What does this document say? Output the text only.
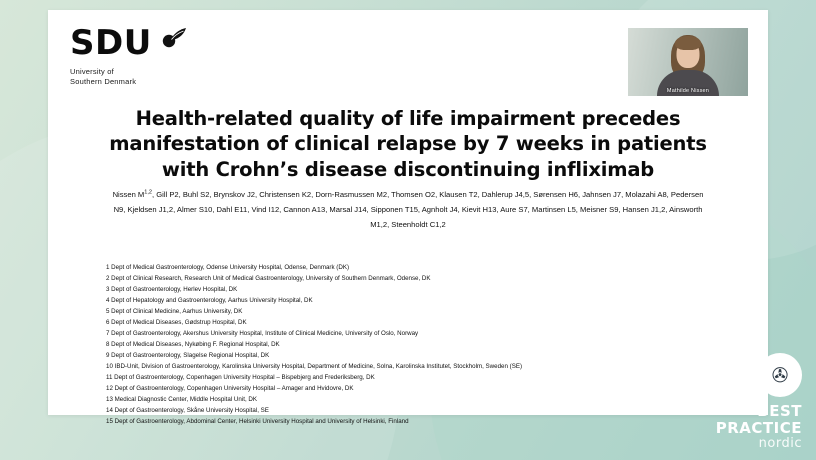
SDU
University of
Southern Denmark
Mathilde Nissen
Health-related quality of life impairment precedes
manifestation of clinical relapse by 7 weeks in patients
with Crohn’s disease discontinuing infliximab
Nissen M$^{1,2}$, Gill P2, Buhl S2, Brynskov J2, Christensen K2, Dorn-Rasmussen M2, Thomsen O2, Klausen T2, Dahlerup J4,5, Sørensen H6, Jahnsen J7, Molazahi A8, Pedersen N9, Kjeldsen J1,2, Almer S10, Dahl E11, Vind I12, Cannon A13, Marsal J14, Sipponen T15, Agnholt J4, Kievit H13, Aure S7, Martinsen L5, Meisner S9, Hansen J1,2, Ainsworth M1,2, Steenholdt C1,2
1 Dept of Medical Gastroenterology, Odense University Hospital, Odense, Denmark (DK)
2 Dept of Clinical Research, Research Unit of Medical Gastroenterology, University of Southern Denmark, Odense, DK
3 Dept of Gastroenterology, Herlev Hospital, DK
4 Dept of Hepatology and Gastroenterology, Aarhus University Hospital, DK
5 Dept of Clinical Medicine, Aarhus University, DK
6 Dept of Medical Diseases, Gødstrup Hospital, DK
7 Dept of Gastroenterology, Akershus University Hospital, Institute of Clinical Medicine, University of Oslo, Norway
8 Dept of Medical Diseases, Nykøbing F. Regional Hospital, DK
9 Dept of Gastroenterology, Slagelse Regional Hospital, DK
10 IBD-Unit, Division of Gastroenterology, Karolinska University Hospital, Department of Medicine, Solna, Karolinska Institutet, Stockholm, Sweden (SE)
11 Dept of Gastroenterology, Copenhagen University Hospital – Bispebjerg and Frederiksberg, DK
12 Dept of Gastroenterology, Copenhagen University Hospital – Amager and Hvidovre, DK
13 Medical Diagnostic Center, Middle Hospital Unit, DK
14 Dept of Gastroenterology, Skåne University Hospital, SE
15 Dept of Gastroenterology, Abdominal Center, Helsinki University Hospital and University of Helsinki, Finland
✇
BEST
PRACTICE
nordic
